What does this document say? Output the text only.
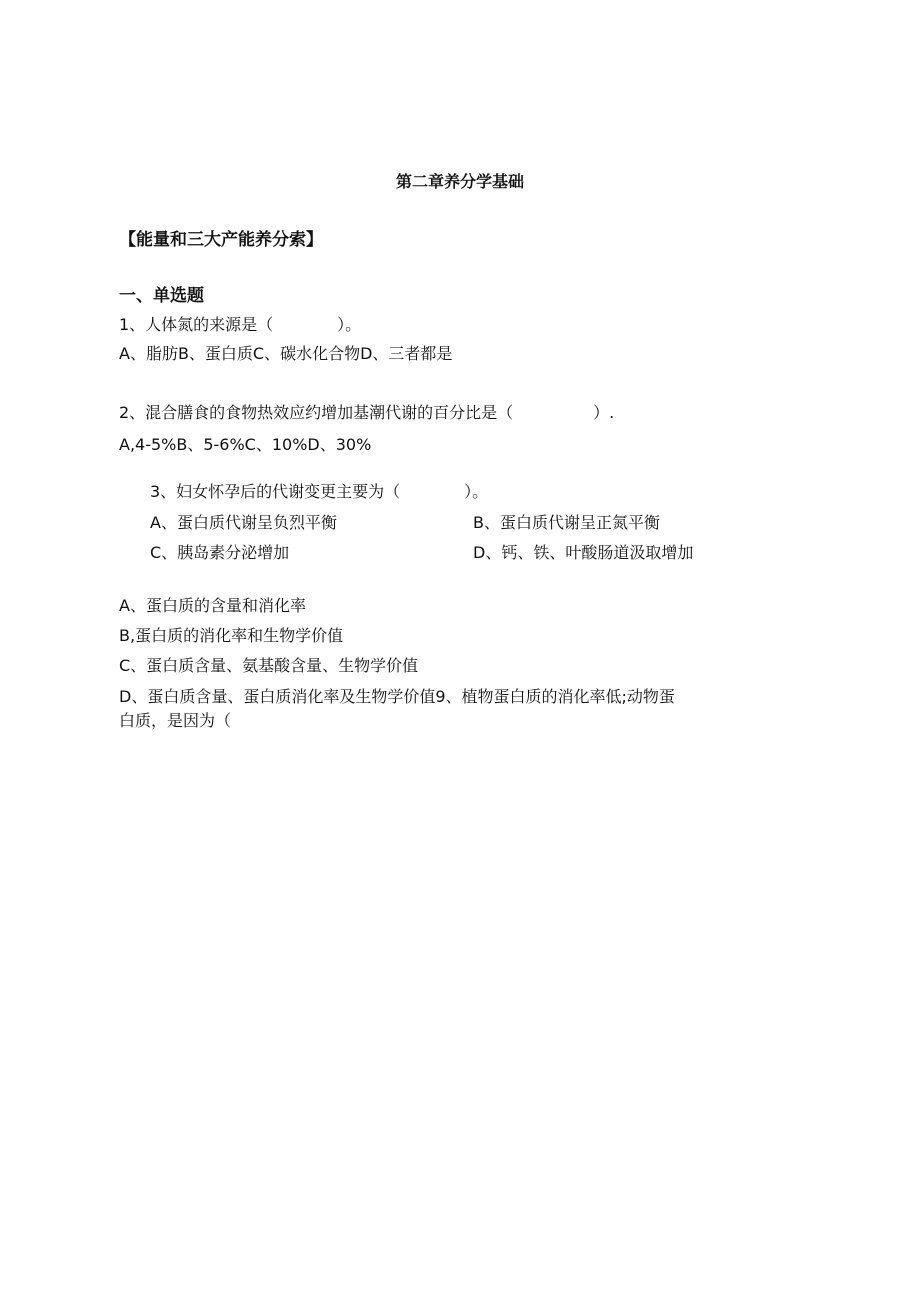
第二章养分学基础
【能量和三大产能养分索】
一、单选题
1、人体氮的来源是（　　　　）。
A、脂肪B、蛋白质C、碳水化合物D、三者都是
2、混合膳食的食物热效应约增加基潮代谢的百分比是（　　　　　）.
A,4-5%B、5-6%C、10%D、30%
3、妇女怀孕后的代谢变更主要为（　　　　）。
A、蛋白质代谢呈负烈平衡	B、蛋白质代谢呈正氮平衡
C、胰岛素分泌增加	D、钙、铁、叶酸肠道汲取增加
A、蛋白质的含量和消化率
B,蛋白质的消化率和生物学价值
C、蛋白质含量、氨基酸含量、生物学价值
D、蛋白质含量、蛋白质消化率及生物学价值9、植物蛋白质的消化率低;动物蛋
白质，是因为（
